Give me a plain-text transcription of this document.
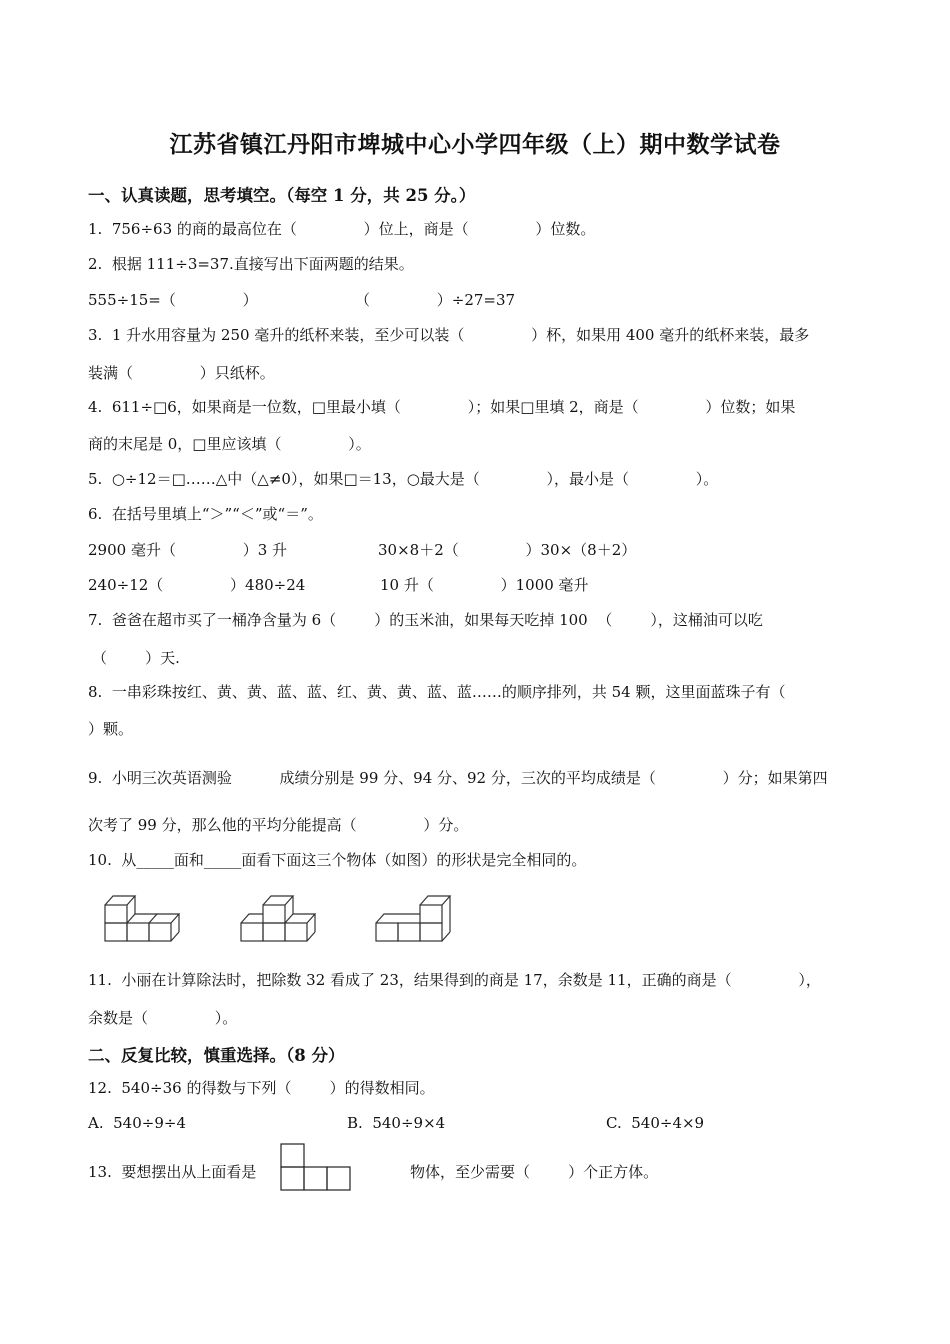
江苏省镇江丹阳市埤城中心小学四年级（上）期中数学试卷
一、认真读题，思考填空。（每空 1 分，共 25 分。）
1.  756÷63 的商的最高位在（              ）位上，商是（              ）位数。
2.  根据 111÷3=37.直接写出下面两题的结果。
555÷15=（              ）	（              ）÷27=37
3.  1 升水用容量为 250 毫升的纸杯来装，至少可以装（              ）杯，如果用 400 毫升的纸杯来装，最多
装满（              ）只纸杯。
4.  611÷□6，如果商是一位数，□里最小填（              ）；如果□里填 2，商是（              ）位数；如果
商的末尾是 0，□里应该填（              ）。
5.  ○÷12＝□……△中（△≠0），如果□＝13，○最大是（              ），最小是（              ）。
6.  在括号里填上“＞”“＜”或“＝”。
2900 毫升（              ）3 升	30×8＋2（              ）30×（8＋2）
240÷12（              ）480÷24	10 升（              ）1000 毫升
7.  爸爸在超市买了一桶净含量为 6（        ）的玉米油，如果每天吃掉 100  （        ），这桶油可以吃
（        ）天.
8.  一串彩珠按红、黄、黄、蓝、蓝、红、黄、黄、蓝、蓝……的顺序排列，共 54 颗，这里面蓝珠子有（
）颗。
9.  小明三次英语测验          成绩分别是 99 分、94 分、92 分，三次的平均成绩是（              ）分；如果第四
次考了 99 分，那么他的平均分能提高（              ）分。
10.  从_____面和_____面看下面这三个物体（如图）的形状是完全相同的。
11.  小丽在计算除法时，把除数 32 看成了 23，结果得到的商是 17，余数是 11，正确的商是（              ），
余数是（              ）。
二、反复比较，慎重选择。（8 分）
12.  540÷36 的得数与下列（        ）的得数相同。
A.  540÷9÷4	B.  540÷9×4	C.  540÷4×9
13.  要想摆出从上面看是	物体，至少需要（        ）个正方体。
